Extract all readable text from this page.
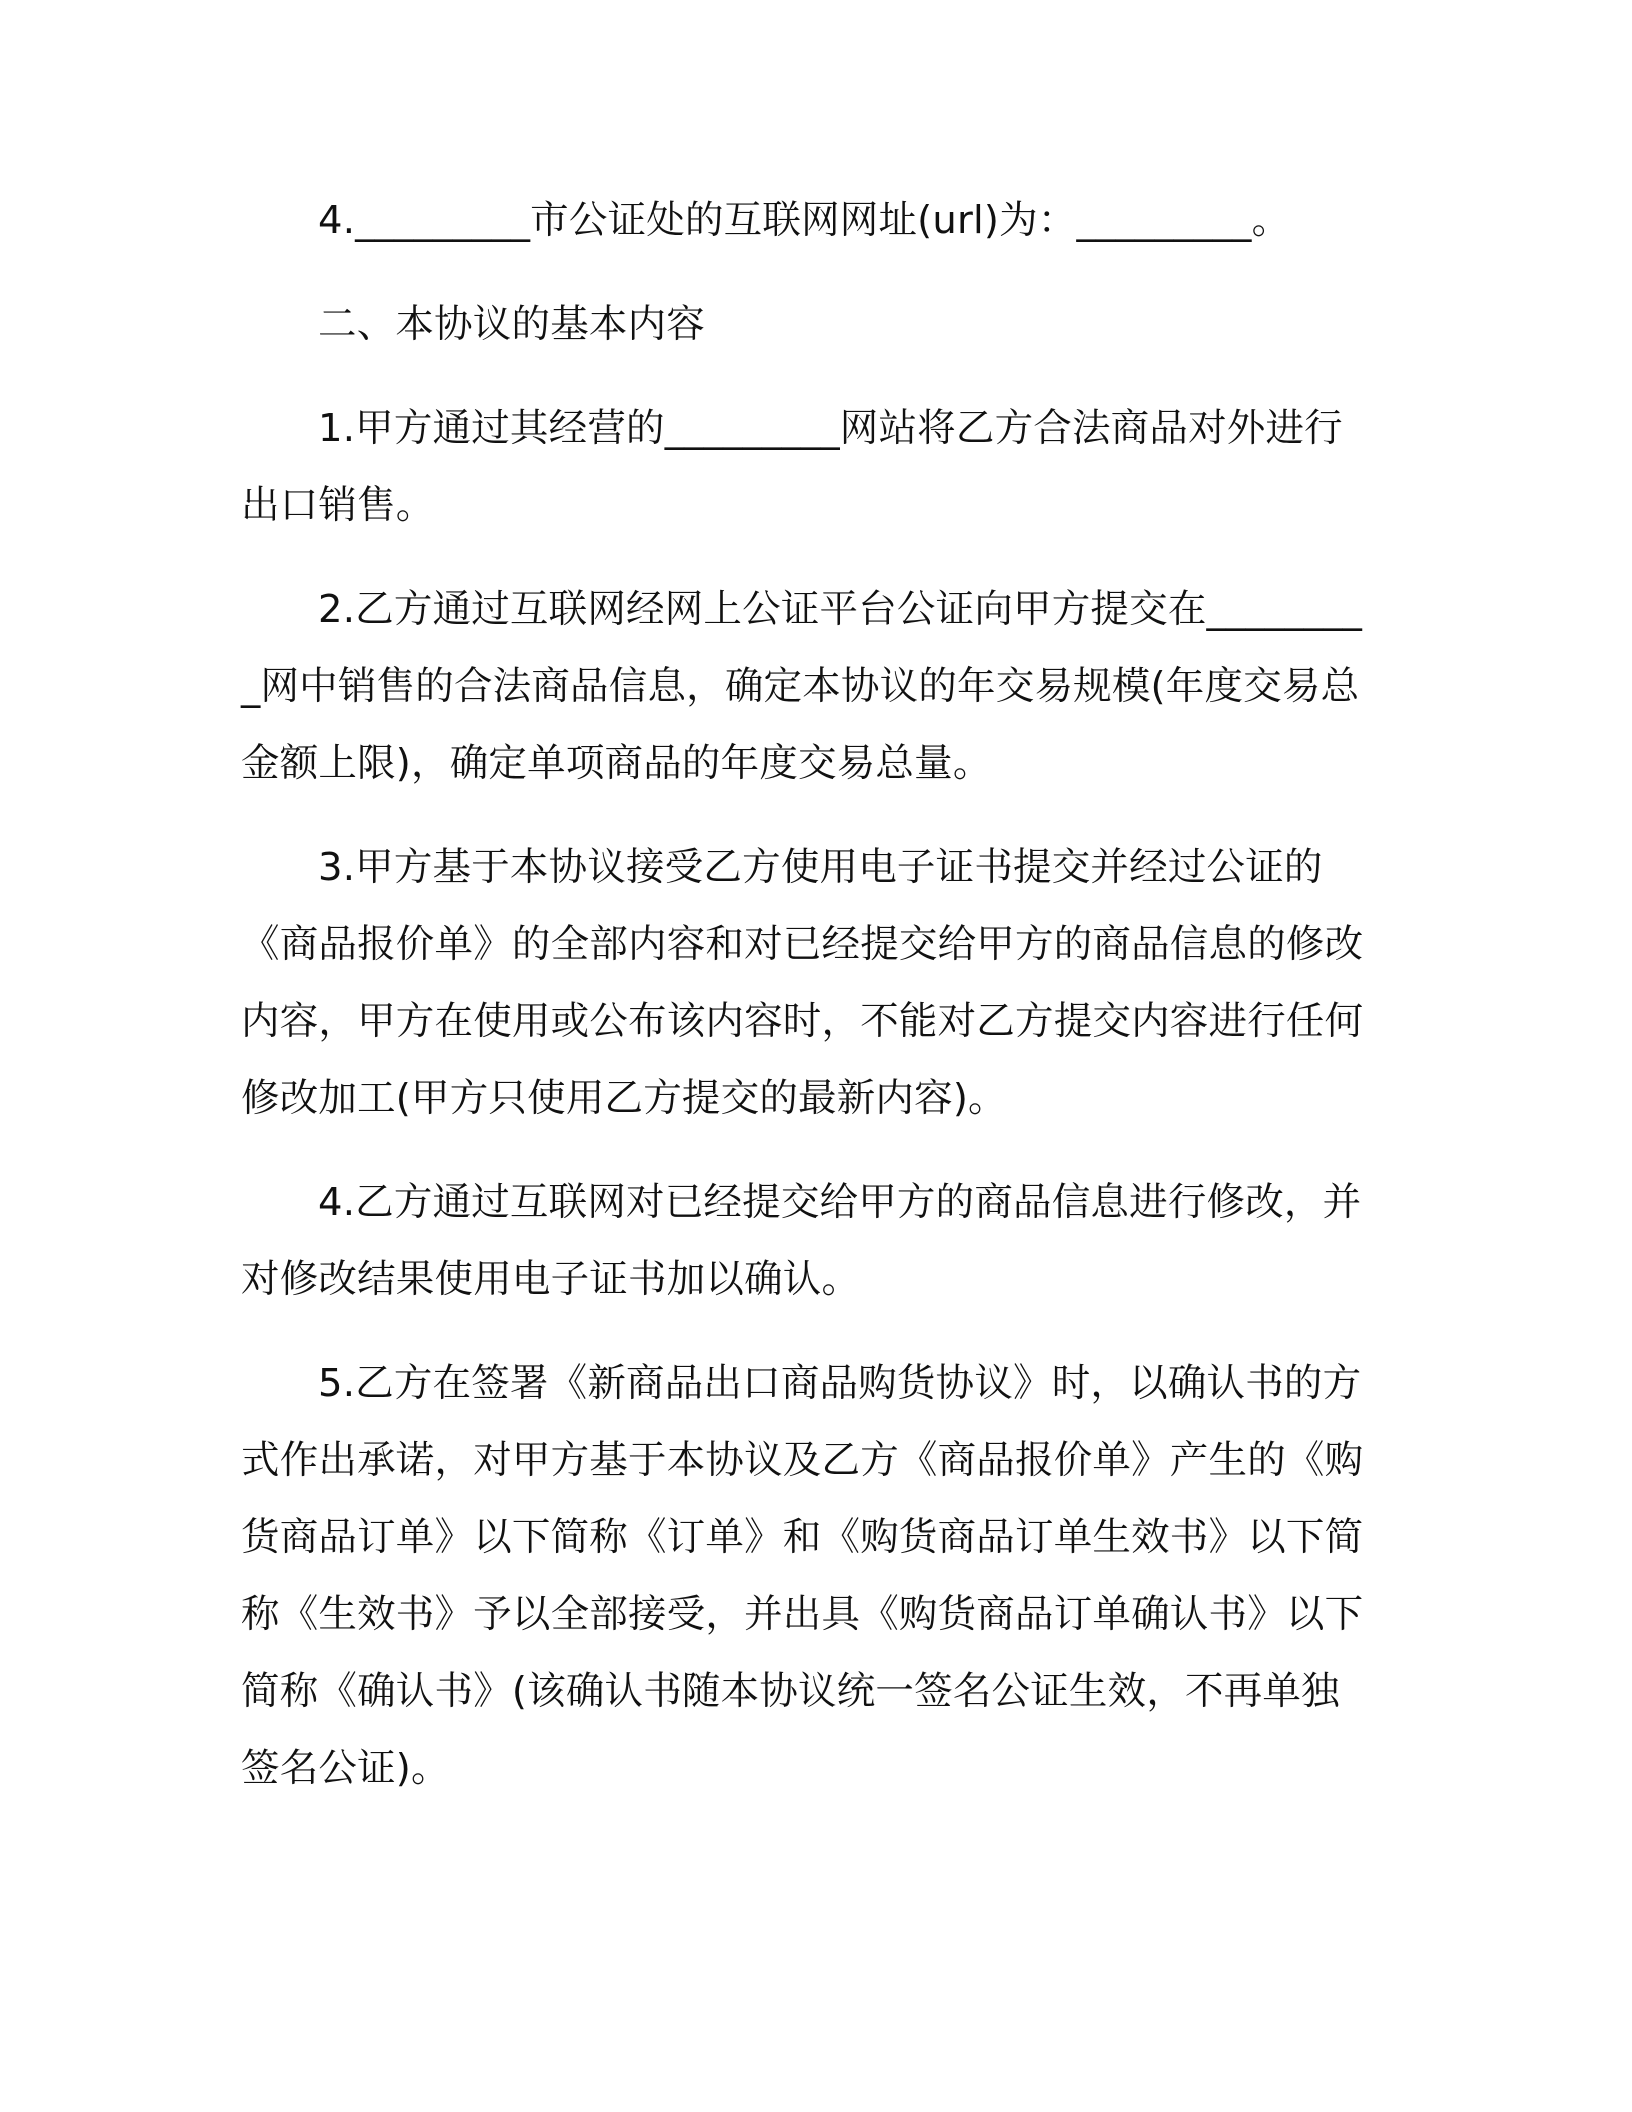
4._________市公证处的互联网网址(url)为：_________。

二、本协议的基本内容

1.甲方通过其经营的_________网站将乙方合法商品对外进行出口销售。

2.乙方通过互联网经网上公证平台公证向甲方提交在_________网中销售的合法商品信息，确定本协议的年交易规模(年度交易总金额上限)，确定单项商品的年度交易总量。

3.甲方基于本协议接受乙方使用电子证书提交并经过公证的《商品报价单》的全部内容和对已经提交给甲方的商品信息的修改内容，甲方在使用或公布该内容时，不能对乙方提交内容进行任何修改加工(甲方只使用乙方提交的最新内容)。

4.乙方通过互联网对已经提交给甲方的商品信息进行修改，并对修改结果使用电子证书加以确认。

5.乙方在签署《新商品出口商品购货协议》时，以确认书的方式作出承诺，对甲方基于本协议及乙方《商品报价单》产生的《购货商品订单》以下简称《订单》和《购货商品订单生效书》以下简称《生效书》予以全部接受，并出具《购货商品订单确认书》以下简称《确认书》(该确认书随本协议统一签名公证生效，不再单独签名公证)。
